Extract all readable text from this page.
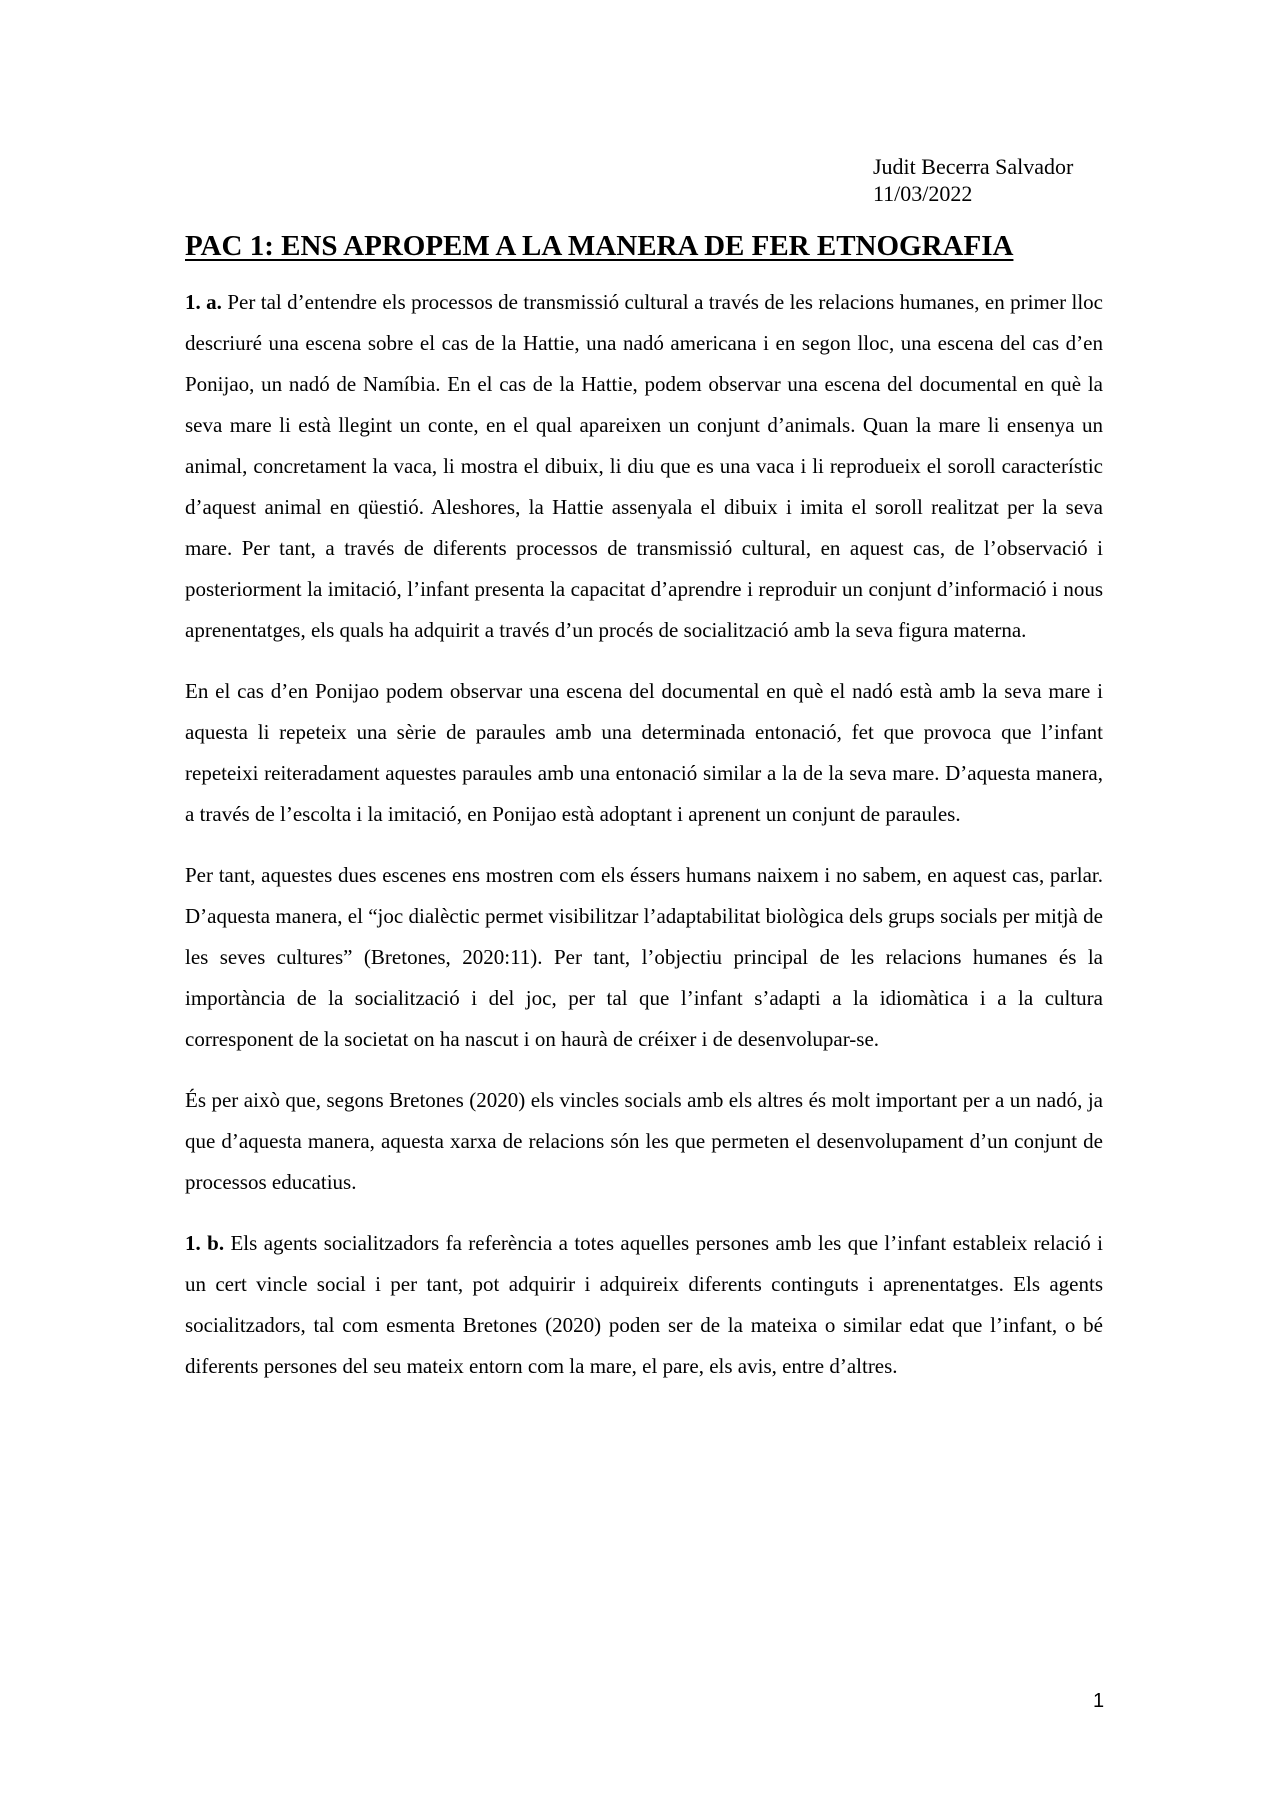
Judit Becerra Salvador
11/03/2022
PAC 1: ENS APROPEM A LA MANERA DE FER ETNOGRAFIA

1. a. Per tal d’entendre els processos de transmissió cultural a través de les relacions humanes, en primer lloc descriuré una escena sobre el cas de la Hattie, una nadó americana i en segon lloc, una escena del cas d’en Ponijao, un nadó de Namíbia. En el cas de la Hattie, podem observar una escena del documental en què la seva mare li està llegint un conte, en el qual apareixen un conjunt d’animals. Quan la mare li ensenya un animal, concretament la vaca, li mostra el dibuix, li diu que es una vaca i li reprodueix el soroll característic d’aquest animal en qüestió. Aleshores, la Hattie assenyala el dibuix i imita el soroll realitzat per la seva mare. Per tant, a través de diferents processos de transmissió cultural, en aquest cas, de l’observació i posteriorment la imitació, l’infant presenta la capacitat d’aprendre i reproduir un conjunt d’informació i nous aprenentatges, els quals ha adquirit a través d’un procés de socialització amb la seva figura materna.

En el cas d’en Ponijao podem observar una escena del documental en què el nadó està amb la seva mare i aquesta li repeteix una sèrie de paraules amb una determinada entonació, fet que provoca que l’infant repeteixi reiteradament aquestes paraules amb una entonació similar a la de la seva mare. D’aquesta manera, a través de l’escolta i la imitació, en Ponijao està adoptant i aprenent un conjunt de paraules.

Per tant, aquestes dues escenes ens mostren com els éssers humans naixem i no sabem, en aquest cas, parlar. D’aquesta manera, el “joc dialèctic permet visibilitzar l’adaptabilitat biològica dels grups socials per mitjà de les seves cultures” (Bretones, 2020:11). Per tant, l’objectiu principal de les relacions humanes és la importància de la socialització i del joc, per tal que l’infant s’adapti a la idiomàtica i a la cultura corresponent de la societat on ha nascut i on haurà de créixer i de desenvolupar-se.

És per això que, segons Bretones (2020) els vincles socials amb els altres és molt important per a un nadó, ja que d’aquesta manera, aquesta xarxa de relacions són les que permeten el desenvolupament d’un conjunt de processos educatius.

1. b. Els agents socialitzadors fa referència a totes aquelles persones amb les que l’infant estableix relació i un cert vincle social i per tant, pot adquirir i adquireix diferents continguts i aprenentatges. Els agents socialitzadors, tal com esmenta Bretones (2020) poden ser de la mateixa o similar edat que l’infant, o bé diferents persones del seu mateix entorn com la mare, el pare, els avis, entre d’altres.

1
